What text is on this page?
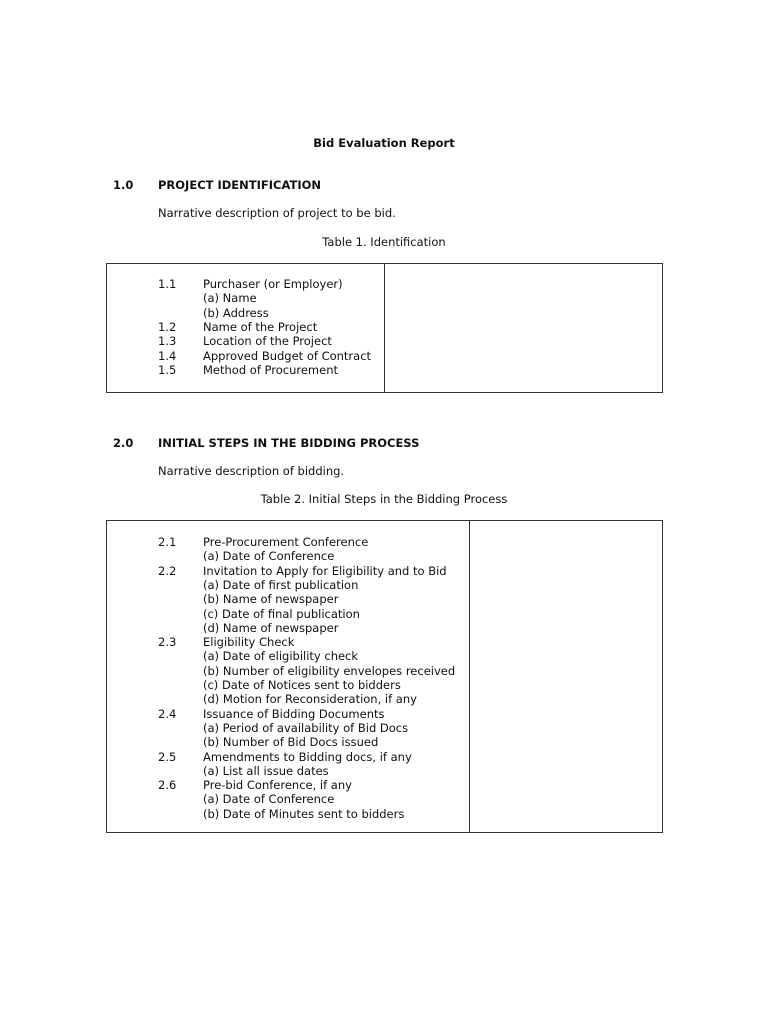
Bid Evaluation Report
1.0 PROJECT IDENTIFICATION
Narrative description of project to be bid.
Table 1. Identification
1.1 Purchaser (or Employer)
(a) Name
(b) Address
1.2 Name of the Project
1.3 Location of the Project
1.4 Approved Budget of Contract
1.5 Method of Procurement
2.0 INITIAL STEPS IN THE BIDDING PROCESS
Narrative description of bidding.
Table 2. Initial Steps in the Bidding Process
2.1 Pre-Procurement Conference
(a) Date of Conference
2.2 Invitation to Apply for Eligibility and to Bid
(a) Date of first publication
(b) Name of newspaper
(c) Date of final publication
(d) Name of newspaper
2.3 Eligibility Check
(a) Date of eligibility check
(b) Number of eligibility envelopes received
(c) Date of Notices sent to bidders
(d) Motion for Reconsideration, if any
2.4 Issuance of Bidding Documents
(a) Period of availability of Bid Docs
(b) Number of Bid Docs issued
2.5 Amendments to Bidding docs, if any
(a) List all issue dates
2.6 Pre-bid Conference, if any
(a) Date of Conference
(b) Date of Minutes sent to bidders
